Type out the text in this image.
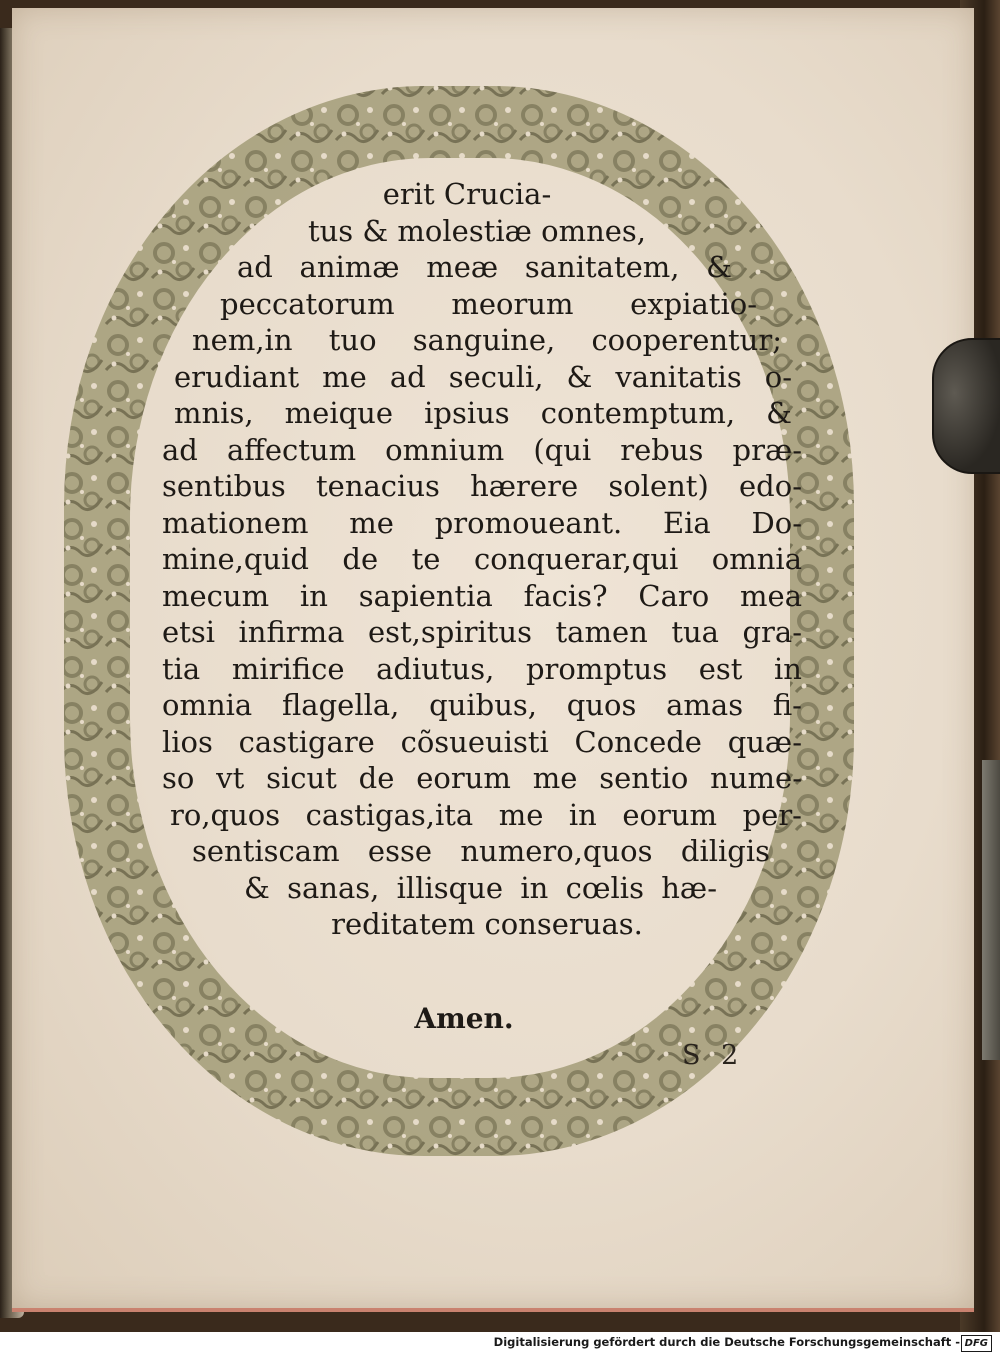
erit Crucia-
tus & molestiæ omnes,
ad animæ meæ sanitatem, &
peccatorum meorum expiatio-
nem,in tuo sanguine, cooperentur;
erudiant me ad seculi, & vanitatis o-
mnis, meique ipsius contemptum, &
ad affectum omnium (qui rebus præ-
sentibus tenacius hærere solent) edo-
mationem me promoueant. Eia Do-
mine,quid de te conquerar,qui omnia
mecum in sapientia facis? Caro mea
etsi infirma est,spiritus tamen tua gra-
tia mirifice adiutus, promptus est in
omnia flagella, quibus, quos amas fi-
lios castigare cõsueuisti Concede quæ-
so vt sicut de eorum me sentio nume-
ro,quos castigas,ita me in eorum per-
sentiscam esse numero,quos diligis
& sanas, illisque in cœlis hæ-
reditatem conseruas.
Amen.
S 2
Digitalisierung gefördert durch die Deutsche Forschungsgemeinschaft - DFG
